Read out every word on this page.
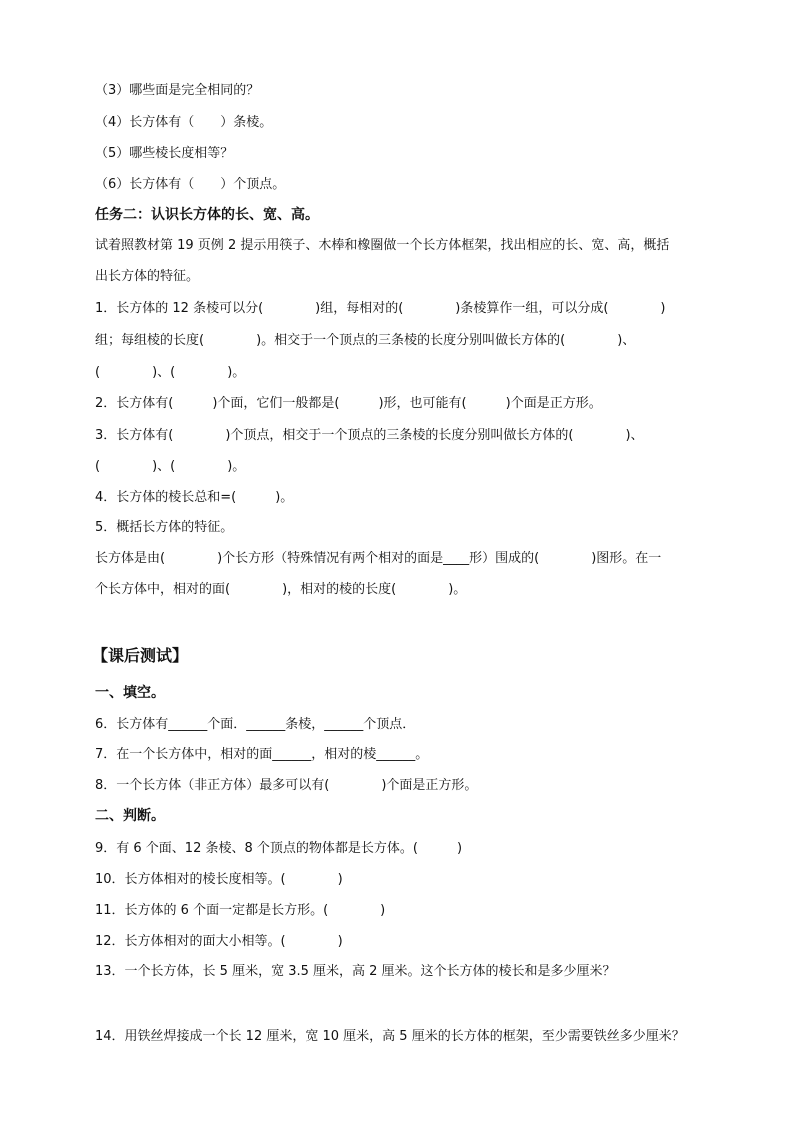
（3）哪些面是完全相同的？
（4）长方体有（　　）条棱。
（5）哪些棱长度相等？
（6）长方体有（　　）个顶点。
任务二：认识长方体的长、宽、高。
试着照教材第 19 页例 2 提示用筷子、木棒和橡圈做一个长方体框架，找出相应的长、宽、高，概括
出长方体的特征。
1．长方体的 12 条棱可以分(　　　　)组，每相对的(　　　　)条棱算作一组，可以分成(　　　　)
组；每组棱的长度(　　　　)。相交于一个顶点的三条棱的长度分别叫做长方体的(　　　　)、
(　　　　)、(　　　　)。
2．长方体有(　　　)个面，它们一般都是(　　　)形，也可能有(　　　)个面是正方形。
3．长方体有(　　　　)个顶点，相交于一个顶点的三条棱的长度分别叫做长方体的(　　　　)、
(　　　　)、(　　　　)。
4．长方体的棱长总和=(　　　)。
5．概括长方体的特征。
长方体是由(　　　　)个长方形（特殊情况有两个相对的面是____形）围成的(　　　　)图形。在一
个长方体中，相对的面(　　　　)，相对的棱的长度(　　　　)。
【课后测试】
一、填空。
6．长方体有______个面．______条棱，______个顶点．
7．在一个长方体中，相对的面______，相对的棱______。
8．一个长方体（非正方体）最多可以有(　　　　)个面是正方形。
二、判断。
9．有 6 个面、12 条棱、8 个顶点的物体都是长方体。(　　　)
10．长方体相对的棱长度相等。(　　　　)
11．长方体的 6 个面一定都是长方形。(　　　　)
12．长方体相对的面大小相等。(　　　　)
13．一个长方体，长 5 厘米，宽 3.5 厘米，高 2 厘米。这个长方体的棱长和是多少厘米？
14．用铁丝焊接成一个长 12 厘米，宽 10 厘米，高 5 厘米的长方体的框架，至少需要铁丝多少厘米？
